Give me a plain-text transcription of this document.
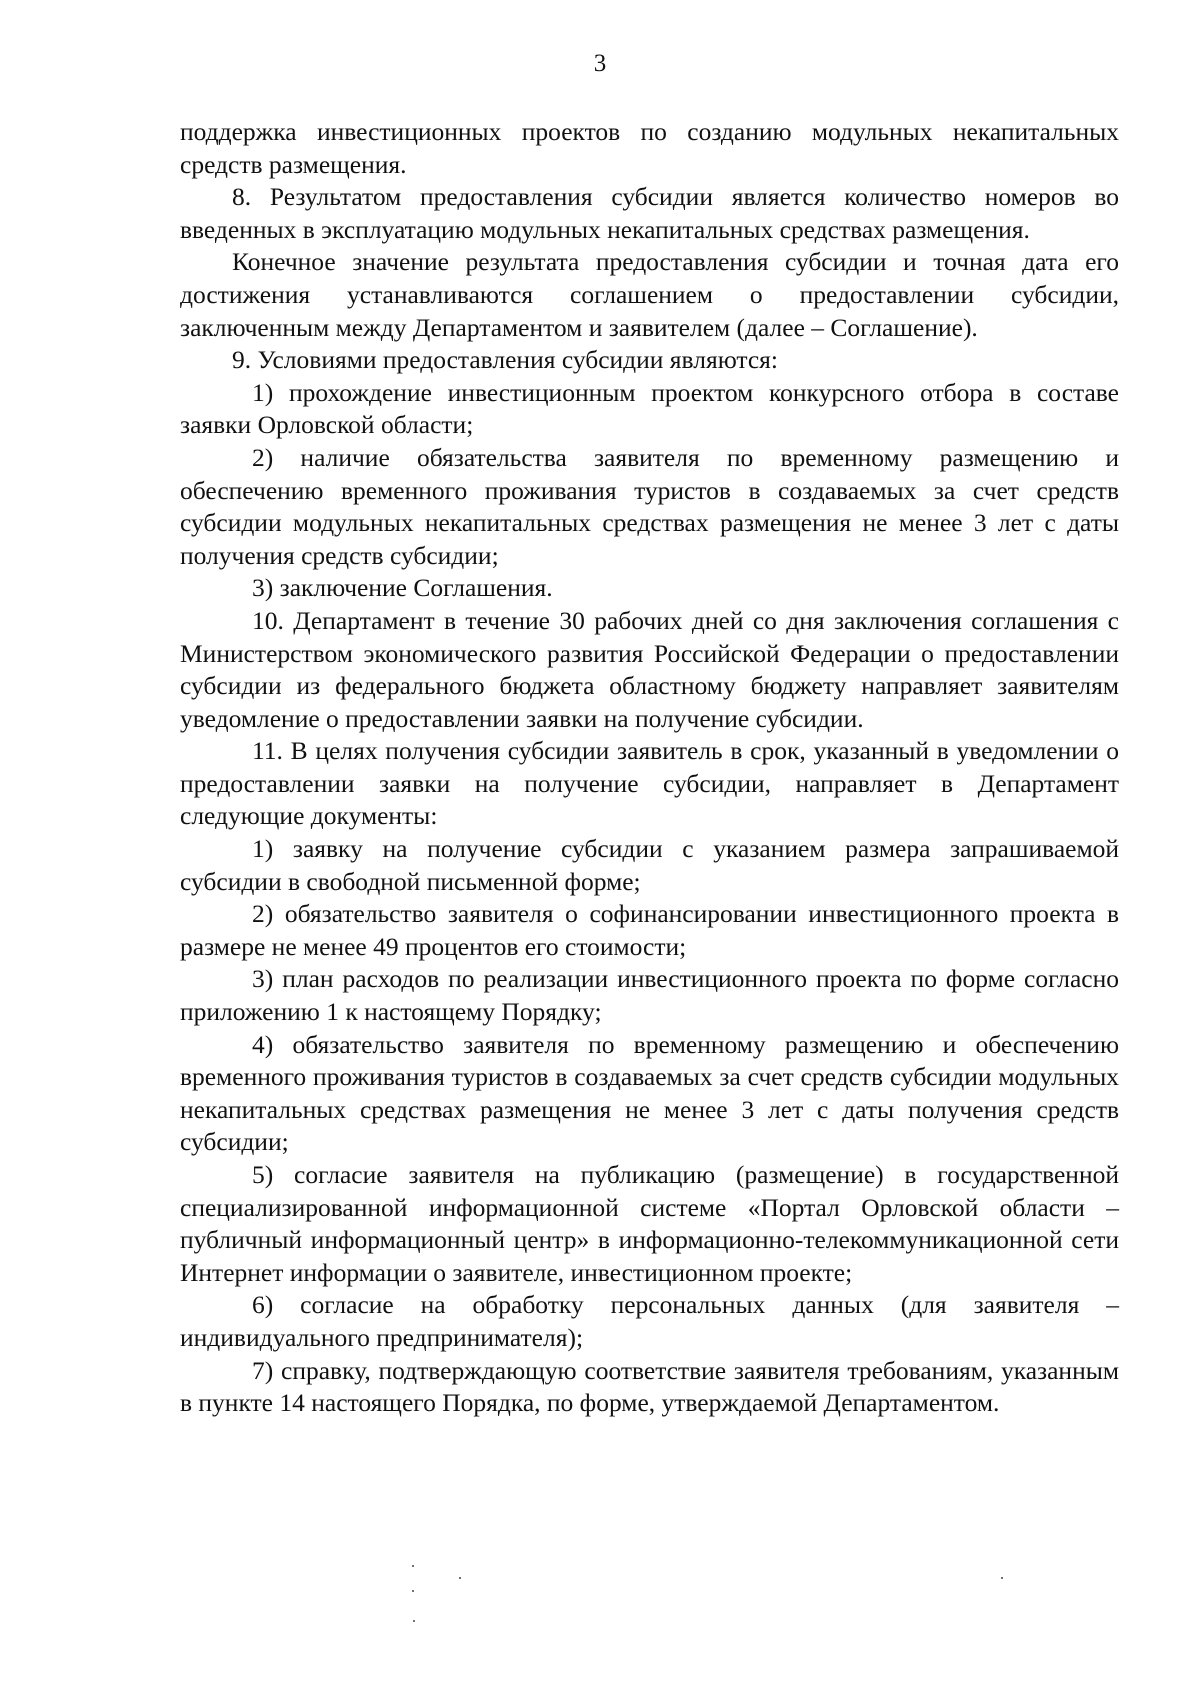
3

поддержка инвестиционных проектов по созданию модульных некапитальных средств размещения.

8. Результатом предоставления субсидии является количество номеров во введенных в эксплуатацию модульных некапитальных средствах размещения.

Конечное значение результата предоставления субсидии и точная дата его достижения устанавливаются соглашением о предоставлении субсидии, заключенным между Департаментом и заявителем (далее – Соглашение).

9. Условиями предоставления субсидии являются:

1) прохождение инвестиционным проектом конкурсного отбора в составе заявки Орловской области;

2) наличие обязательства заявителя по временному размещению и обеспечению временного проживания туристов в создаваемых за счет средств субсидии модульных некапитальных средствах размещения не менее 3 лет с даты получения средств субсидии;

3) заключение Соглашения.

10. Департамент в течение 30 рабочих дней со дня заключения соглашения с Министерством экономического развития Российской Федерации о предоставлении субсидии из федерального бюджета областному бюджету направляет заявителям уведомление о предоставлении заявки на получение субсидии.

11. В целях получения субсидии заявитель в срок, указанный в уведомлении о предоставлении заявки на получение субсидии, направляет в Департамент следующие документы:

1) заявку на получение субсидии с указанием размера запрашиваемой субсидии в свободной письменной форме;

2) обязательство заявителя о софинансировании инвестиционного проекта в размере не менее 49 процентов его стоимости;

3) план расходов по реализации инвестиционного проекта по форме согласно приложению 1 к настоящему Порядку;

4) обязательство заявителя по временному размещению и обеспечению временного проживания туристов в создаваемых за счет средств субсидии модульных некапитальных средствах размещения не менее 3 лет с даты получения средств субсидии;

5) согласие заявителя на публикацию (размещение) в государственной специализированной информационной системе «Портал Орловской области – публичный информационный центр» в информационно-телекоммуникационной сети Интернет информации о заявителе, инвестиционном проекте;

6) согласие на обработку персональных данных (для заявителя – индивидуального предпринимателя);

7) справку, подтверждающую соответствие заявителя требованиям, указанным в пункте 14 настоящего Порядка, по форме, утверждаемой Департаментом.
